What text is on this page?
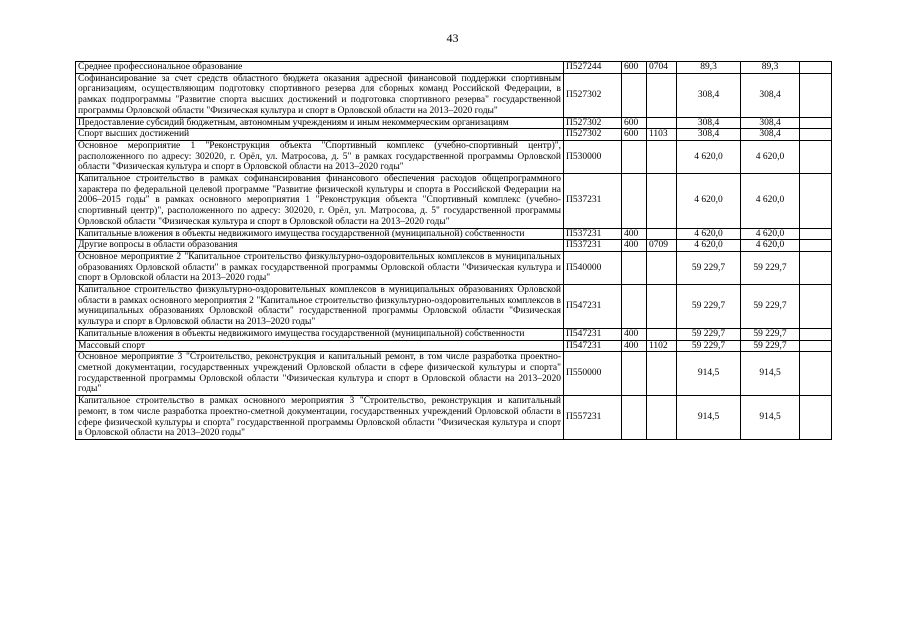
43
Среднее профессиональное образование	П527244	600	0704	89,3	89,3	
Софинансирование за счет средств областного бюджета оказания адресной финансовой поддержки спортивным организациям, осуществляющим подготовку спортивного резерва для сборных команд Российской Федерации, в рамках подпрограммы "Развитие спорта высших достижений и подготовка спортивного резерва" государственной программы Орловской области "Физическая культура и спорт в Орловской области на 2013–2020 годы"	П527302			308,4	308,4	
Предоставление субсидий бюджетным, автономным учреждениям и иным некоммерческим организациям	П527302	600		308,4	308,4	
Спорт высших достижений	П527302	600	1103	308,4	308,4	
Основное мероприятие 1 "Реконструкция объекта "Спортивный комплекс (учебно-спортивный центр)", расположенного по адресу: 302020, г. Орёл, ул. Матросова, д. 5" в рамках государственной программы Орловской области "Физическая культура и спорт в Орловской области на 2013–2020 годы"	П530000			4 620,0	4 620,0	
Капитальное строительство в рамках софинансирования финансового обеспечения расходов общепрограммного характера по федеральной целевой программе "Развитие физической культуры и спорта в Российской Федерации на 2006–2015 годы" в рамках основного мероприятия 1 "Реконструкция объекта "Спортивный комплекс (учебно-спортивный центр)", расположенного по адресу: 302020, г. Орёл, ул. Матросова, д. 5" государственной программы Орловской области "Физическая культура и спорт в Орловской области на 2013–2020 годы"	П537231			4 620,0	4 620,0	
Капитальные вложения в объекты недвижимого имущества государственной (муниципальной) собственности	П537231	400		4 620,0	4 620,0	
Другие вопросы в области образования	П537231	400	0709	4 620,0	4 620,0	
Основное мероприятие 2 "Капитальное строительство физкультурно-оздоровительных комплексов в муниципальных образованиях Орловской области" в рамках государственной программы Орловской области "Физическая культура и спорт в Орловской области на 2013–2020 годы"	П540000			59 229,7	59 229,7	
Капитальное строительство физкультурно-оздоровительных комплексов в муниципальных образованиях Орловской области в рамках основного мероприятия 2 "Капитальное строительство физкультурно-оздоровительных комплексов в муниципальных образованиях Орловской области" государственной программы Орловской области "Физическая культура и спорт в Орловской области на 2013–2020 годы"	П547231			59 229,7	59 229,7	
Капитальные вложения в объекты недвижимого имущества государственной (муниципальной) собственности	П547231	400		59 229,7	59 229,7	
Массовый спорт	П547231	400	1102	59 229,7	59 229,7	
Основное мероприятие 3 "Строительство, реконструкция и капитальный ремонт, в том числе разработка проектно-сметной документации, государственных учреждений Орловской области в сфере физической культуры и спорта" государственной программы Орловской области "Физическая культура и спорт в Орловской области на 2013–2020 годы"	П550000			914,5	914,5	
Капитальное строительство в рамках основного мероприятия 3 "Строительство, реконструкция и капитальный ремонт, в том числе разработка проектно-сметной документации, государственных учреждений Орловской области в сфере физической культуры и спорта" государственной программы Орловской области "Физическая культура и спорт в Орловской области на 2013–2020 годы"	П557231			914,5	914,5	
